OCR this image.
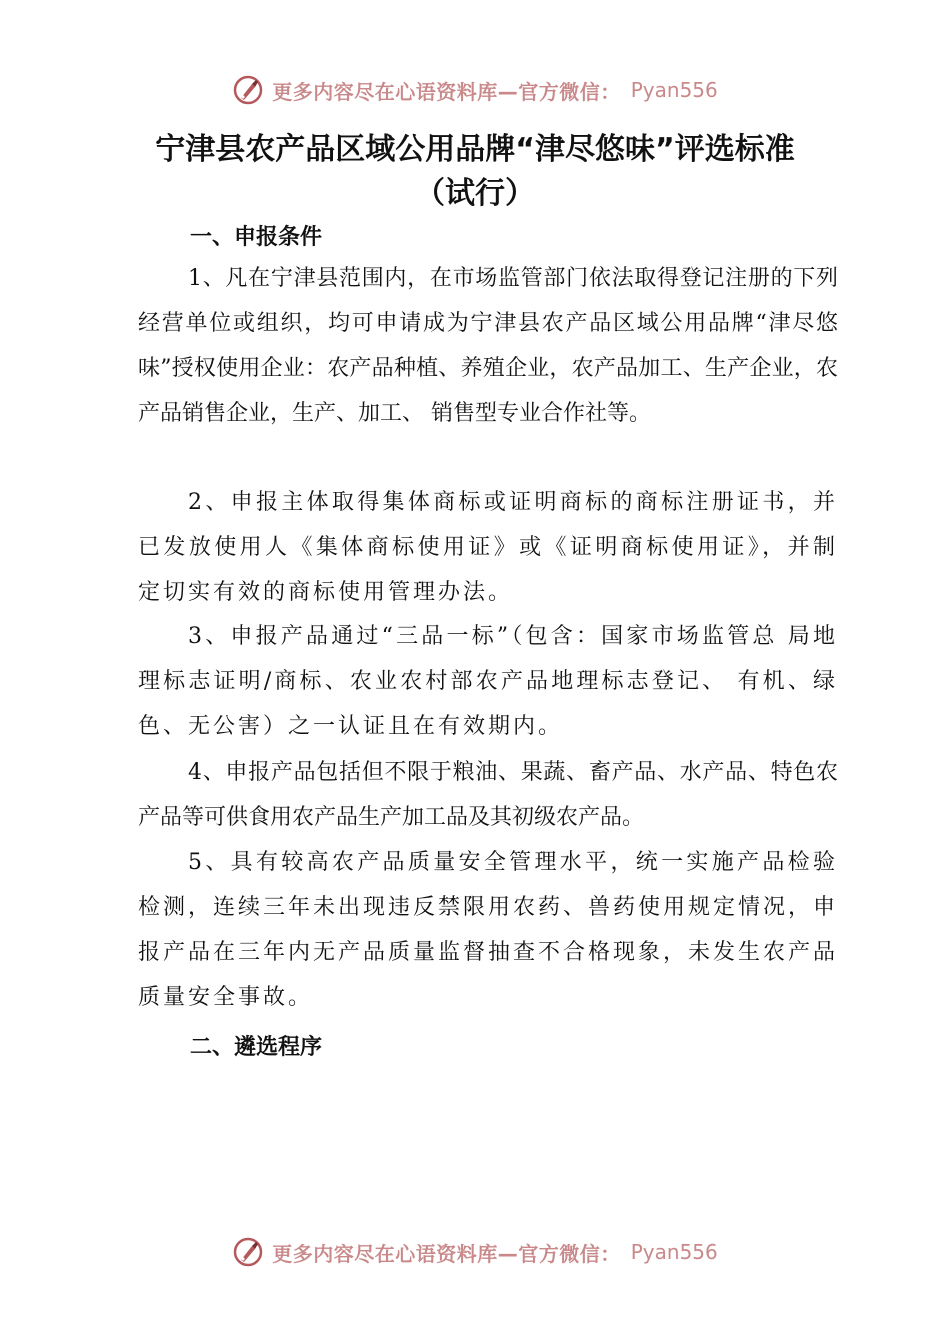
更多内容尽在心语资料库—官方微信： Pyan556
宁津县农产品区域公用品牌“津尽悠味”评选标准
（试行）
一、申报条件
1、凡在宁津县范围内，在市场监管部门依法取得登记注册的下列经营单位或组织，均可申请成为宁津县农产品区域公用品牌“津尽悠味”授权使用企业：农产品种植、养殖企业，农产品加工、生产企业，农产品销售企业，生产、加工、 销售型专业合作社等。
2、申报主体取得集体商标或证明商标的商标注册证书，并已发放使用人《集体商标使用证》或《证明商标使用证》，并制定切实有效的商标使用管理办法。
3、申报产品通过“三品一标”（包含：国家市场监管总 局地理标志证明/商标、农业农村部农产品地理标志登记、 有机、绿色、无公害）之一认证且在有效期内。
4、申报产品包括但不限于粮油、果蔬、畜产品、水产品、特色农产品等可供食用农产品生产加工品及其初级农产品。
5、具有较高农产品质量安全管理水平，统一实施产品检验检测，连续三年未出现违反禁限用农药、兽药使用规定情况，申报产品在三年内无产品质量监督抽查不合格现象，未发生农产品质量安全事故。
二、遴选程序
更多内容尽在心语资料库—官方微信： Pyan556
